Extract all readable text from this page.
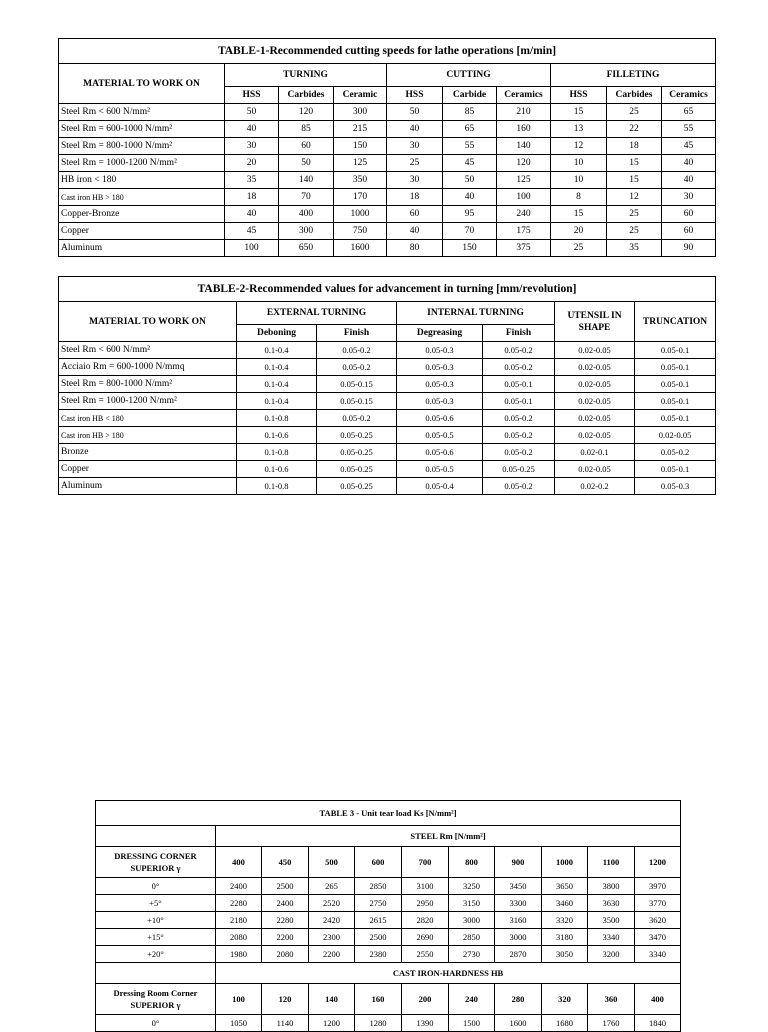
TABLE-1-Recommended cutting speeds for lathe operations [m/min]									
MATERIAL TO WORK ON	TURNING			CUTTING			FILLETING		
	HSS	Carbides	Ceramic	HSS	Carbide	Ceramics	HSS	Carbides	Ceramics
Steel Rm < 600 N/mm²	50	120	300	50	85	210	15	25	65
Steel Rm = 600-1000 N/mm²	40	85	215	40	65	160	13	22	55
Steel Rm = 800-1000 N/mm²	30	60	150	30	55	140	12	18	45
Steel Rm = 1000-1200 N/mm²	20	50	125	25	45	120	10	15	40
HB iron < 180	35	140	350	30	50	125	10	15	40
Cast iron HB > 180	18	70	170	18	40	100	8	12	30
Copper-Bronze	40	400	1000	60	95	240	15	25	60
Copper	45	300	750	40	70	175	20	25	60
Aluminum	100	650	1600	80	150	375	25	35	90
TABLE-2-Recommended values for advancement in turning [mm/revolution]						
MATERIAL TO WORK ON	EXTERNAL TURNING		INTERNAL TURNING		UTENSIL IN SHAPE	TRUNCATION
	Deboning	Finish	Degreasing	Finish		
Steel Rm < 600 N/mm²	0.1-0.4	0.05-0.2	0.05-0.3	0.05-0.2	0.02-0.05	0.05-0.1
Acciaio Rm = 600-1000 N/mmq	0.1-0.4	0.05-0.2	0.05-0.3	0.05-0.2	0.02-0.05	0.05-0.1
Steel Rm = 800-1000 N/mm²	0.1-0.4	0.05-0.15	0.05-0.3	0.05-0.1	0.02-0.05	0.05-0.1
Steel Rm = 1000-1200 N/mm²	0.1-0.4	0.05-0.15	0.05-0.3	0.05-0.1	0.02-0.05	0.05-0.1
Cast iron HB < 180	0.1-0.8	0.05-0.2	0.05-0.6	0.05-0.2	0.02-0.05	0.05-0.1
Cast iron HB > 180	0.1-0.6	0.05-0.25	0.05-0.5	0.05-0.2	0.02-0.05	0.02-0.05
Bronze	0.1-0.8	0.05-0.25	0.05-0.6	0.05-0.2	0.02-0.1	0.05-0.2
Copper	0.1-0.6	0.05-0.25	0.05-0.5	0.05-0.25	0.02-0.05	0.05-0.1
Aluminum	0.1-0.8	0.05-0.25	0.05-0.4	0.05-0.2	0.02-0.2	0.05-0.3
TABLE 3 - Unit tear load Ks [N/mm²]										
	STEEL Rm [N/mm²]									
DRESSING CORNER SUPERIOR γ	400	450	500	600	700	800	900	1000	1100	1200
0°	2400	2500	265	2850	3100	3250	3450	3650	3800	3970
+5°	2280	2400	2520	2750	2950	3150	3300	3460	3630	3770
+10°	2180	2280	2420	2615	2820	3000	3160	3320	3500	3620
+15°	2080	2200	2300	2500	2690	2850	3000	3180	3340	3470
+20°	1980	2080	2200	2380	2550	2730	2870	3050	3200	3340
	CAST IRON-HARDNESS HB									
Dressing Room Corner SUPERIOR γ	100	120	140	160	200	240	280	320	360	400
0°	1050	1140	1200	1280	1390	1500	1600	1680	1760	1840
